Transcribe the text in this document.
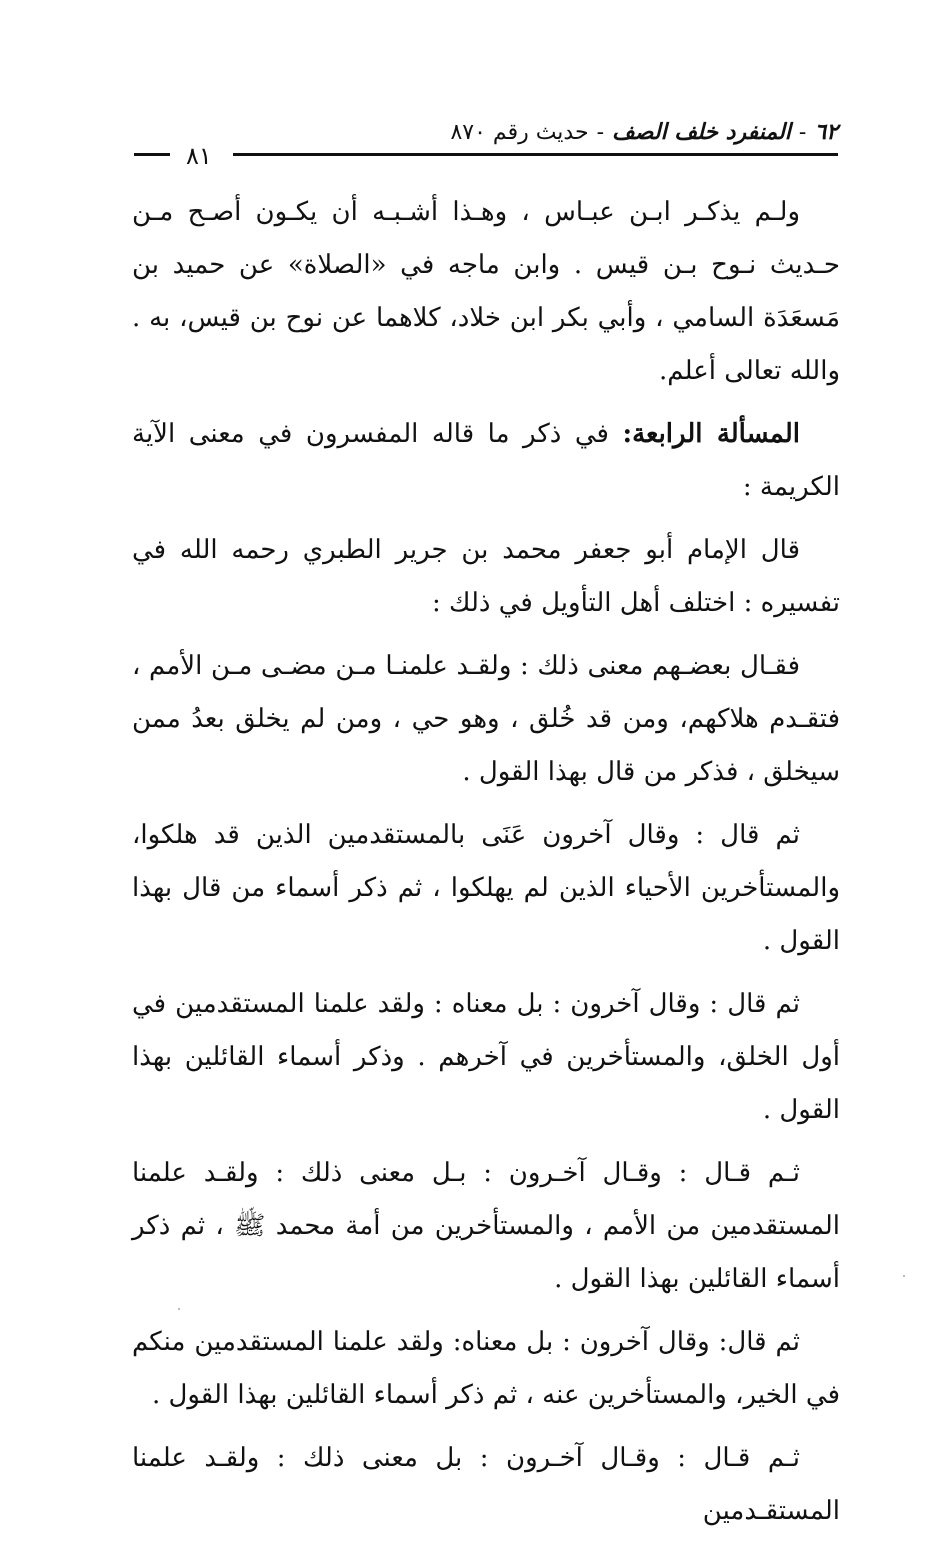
٦٢
-
المنفرد خلف الصف
-
حديث رقم ٨٧٠
٨١

ولـم يذكـر ابـن عبـاس ، وهـذا أشـبـه أن يكـون أصـح مـن حـديث نـوح بـن قيس . وابن ماجه في «الصلاة» عن حميد بن مَسعَدَة السامي ، وأبي بكر ابن خلاد، كلاهما عن نوح بن قيس، به . والله تعالى أعلم.

المسألة الرابعة: في ذكر ما قاله المفسرون في معنى الآية الكريمة :

قال الإمام أبو جعفر محمد بن جرير الطبري رحمه الله في تفسيره : اختلف أهل التأويل في ذلك :

فقـال بعضـهم معنى ذلك : ولقـد علمنـا مـن مضـى مـن الأمم ، فتقـدم هلاكهم، ومن قد خُلق ، وهو حي ، ومن لم يخلق بعدُ ممن سيخلق ، فذكر من قال بهذا القول .

ثم قال : وقال آخرون عَنَى بالمستقدمين الذين قد هلكوا، والمستأخرين الأحياء الذين لم يهلكوا ، ثم ذكر أسماء من قال بهذا القول .

ثم قال : وقال آخرون : بل معناه : ولقد علمنا المستقدمين في أول الخلق، والمستأخرين في آخرهم . وذكر أسماء القائلين بهذا القول .

ثـم قـال : وقـال آخـرون : بـل معنى ذلك : ولقـد علمنا المستقدمين من الأمم ، والمستأخرين من أمة محمد ﷺ ، ثم ذكر أسماء القائلين بهذا القول .

ثم قال: وقال آخرون : بل معناه: ولقد علمنا المستقدمين منكم في الخير، والمستأخرين عنه ، ثم ذكر أسماء القائلين بهذا القول .

ثـم قـال : وقـال آخـرون : بل معنى ذلك : ولقـد علمنا المستقـدمين
